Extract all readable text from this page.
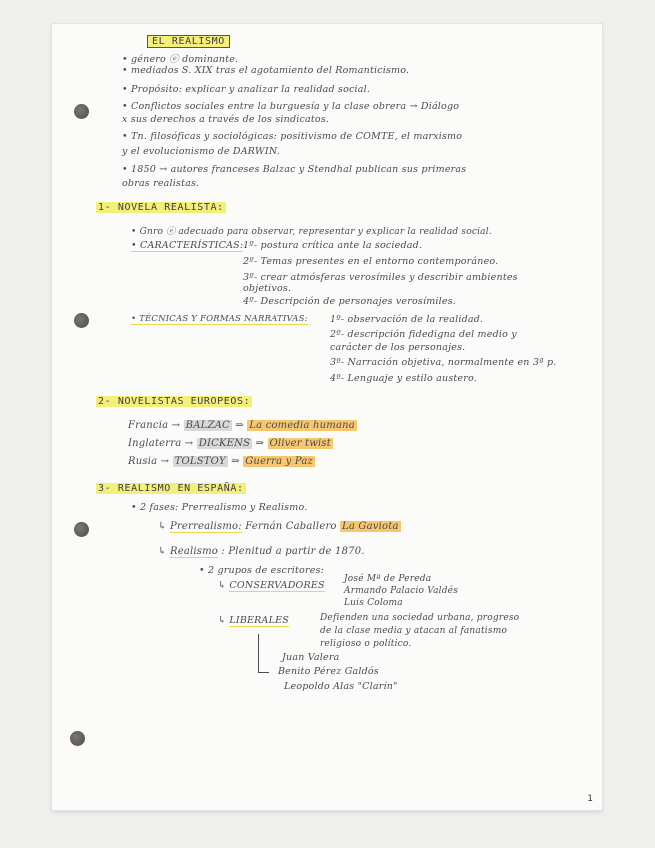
EL REALISMO
• género ⓔ dominante.
• mediados S. XIX tras el agotamiento del Romanticismo.
• Propósito: explicar y analizar la realidad social.
• Conflictos sociales entre la burguesía y la clase obrera → Diálogo
x sus derechos a través de los sindicatos.
• Tn. filosóficas y sociológicas: positivismo de COMTE, el marxismo
y el evolucionismo de DARWIN.
• 1850 → autores franceses Balzac y Stendhal publican sus primeras
obras realistas.
1- NOVELA REALISTA:
• Gnro ⓔ adecuado para observar, representar y explicar la realidad social.
• CARACTERÍSTICAS: 1º- postura crítica ante la sociedad.
2º- Temas presentes en el entorno contemporáneo.
3º- crear atmósferas verosímiles y describir ambientes
objetivos.
4º- Descripción de personajes verosímiles.
• TÉCNICAS Y FORMAS NARRATIVAS: 1º- observación de la realidad.
2º- descripción fidedigna del medio y
carácter de los personajes.
3º- Narración objetiva, normalmente en 3ª p.
4º- Lenguaje y estilo austero.
2- NOVELISTAS EUROPEOS:
Francia → BALZAC ⇒ La comedia humana
Inglaterra → DICKENS ⇒ Oliver twist
Rusia → TOLSTOY ⇒ Guerra y Paz
3- REALISMO EN ESPAÑA:
• 2 fases: Prerrealismo y Realismo.
↳ Prerrealismo: Fernán Caballero La Gaviota
↳ Realismo : Plenitud a partir de 1870.
• 2 grupos de escritores:
↳ CONSERVADORES
José Mª de Pereda
Armando Palacio Valdés
Luis Coloma
↳ LIBERALES	Defienden una sociedad urbana, progreso
de la clase media y atacan al fanatismo
religioso o político.
Juan Valera
Benito Pérez Galdós
Leopoldo Alas "Clarín"
1
